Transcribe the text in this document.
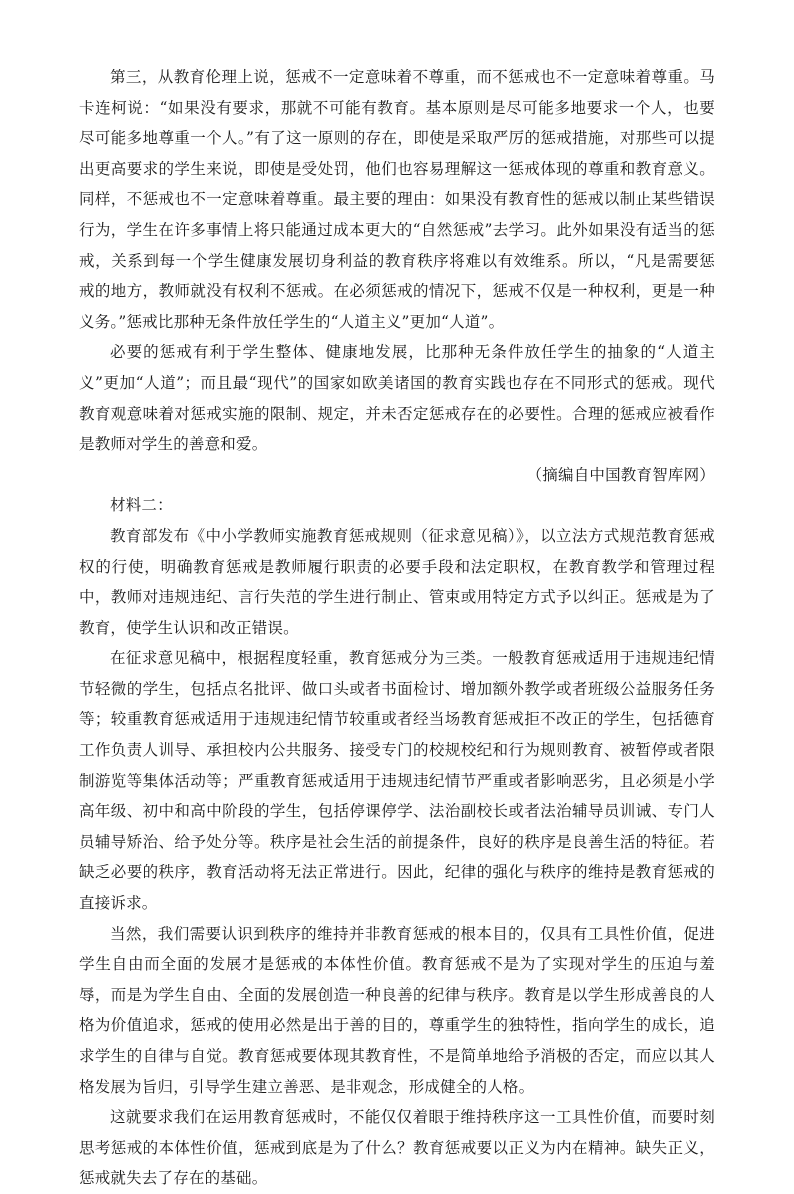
第三，从教育伦理上说，惩戒不一定意味着不尊重，而不惩戒也不一定意味着尊重。马卡连柯说：“如果没有要求，那就不可能有教育。基本原则是尽可能多地要求一个人，也要尽可能多地尊重一个人。”有了这一原则的存在，即使是采取严厉的惩戒措施，对那些可以提出更高要求的学生来说，即使是受处罚，他们也容易理解这一惩戒体现的尊重和教育意义。同样，不惩戒也不一定意味着尊重。最主要的理由：如果没有教育性的惩戒以制止某些错误行为，学生在许多事情上将只能通过成本更大的“自然惩戒”去学习。此外如果没有适当的惩戒，关系到每一个学生健康发展切身利益的教育秩序将难以有效维系。所以，“凡是需要惩戒的地方，教师就没有权利不惩戒。在必须惩戒的情况下，惩戒不仅是一种权利，更是一种义务。”惩戒比那种无条件放任学生的“人道主义”更加“人道”。

必要的惩戒有利于学生整体、健康地发展，比那种无条件放任学生的抽象的“人道主义”更加“人道”；而且最“现代”的国家如欧美诸国的教育实践也存在不同形式的惩戒。现代教育观意味着对惩戒实施的限制、规定，并未否定惩戒存在的必要性。合理的惩戒应被看作是教师对学生的善意和爱。

（摘编自中国教育智库网）

材料二：

教育部发布《中小学教师实施教育惩戒规则（征求意见稿）》，以立法方式规范教育惩戒权的行使，明确教育惩戒是教师履行职责的必要手段和法定职权，在教育教学和管理过程中，教师对违规违纪、言行失范的学生进行制止、管束或用特定方式予以纠正。惩戒是为了教育，使学生认识和改正错误。

在征求意见稿中，根据程度轻重，教育惩戒分为三类。一般教育惩戒适用于违规违纪情节轻微的学生，包括点名批评、做口头或者书面检讨、增加额外教学或者班级公益服务任务等；较重教育惩戒适用于违规违纪情节较重或者经当场教育惩戒拒不改正的学生，包括德育工作负责人训导、承担校内公共服务、接受专门的校规校纪和行为规则教育、被暂停或者限制游览等集体活动等；严重教育惩戒适用于违规违纪情节严重或者影响恶劣，且必须是小学高年级、初中和高中阶段的学生，包括停课停学、法治副校长或者法治辅导员训诫、专门人员辅导矫治、给予处分等。秩序是社会生活的前提条件，良好的秩序是良善生活的特征。若缺乏必要的秩序，教育活动将无法正常进行。因此，纪律的强化与秩序的维持是教育惩戒的直接诉求。

当然，我们需要认识到秩序的维持并非教育惩戒的根本目的，仅具有工具性价值，促进学生自由而全面的发展才是惩戒的本体性价值。教育惩戒不是为了实现对学生的压迫与羞辱，而是为学生自由、全面的发展创造一种良善的纪律与秩序。教育是以学生形成善良的人格为价值追求，惩戒的使用必然是出于善的目的，尊重学生的独特性，指向学生的成长，追求学生的自律与自觉。教育惩戒要体现其教育性，不是简单地给予消极的否定，而应以其人格发展为旨归，引导学生建立善恶、是非观念，形成健全的人格。

这就要求我们在运用教育惩戒时，不能仅仅着眼于维持秩序这一工具性价值，而要时刻思考惩戒的本体性价值，惩戒到底是为了什么？教育惩戒要以正义为内在精神。缺失正义，惩戒就失去了存在的基础。
